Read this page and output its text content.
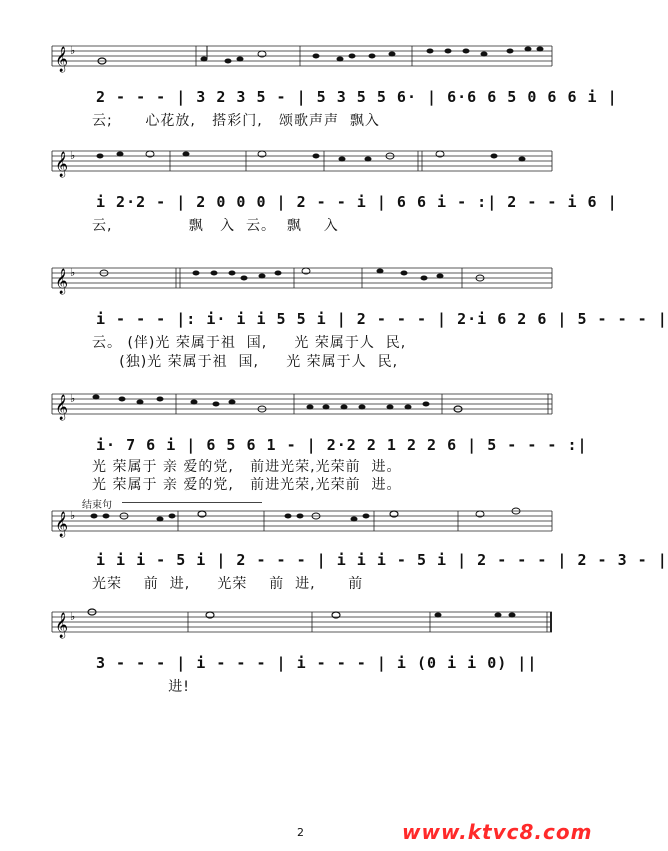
𝄞 ♭
2 - - - | 3 2 3 5 - | 5 3 5 5 6· | 6·6 6 5 0 6 6 i |
云;      心花放,   搭彩门,   颂歌声声  飘入
𝄞 ♭
i 2·2 - | 2 0 0 0 | 2 - - i | 6 6 i - :| 2 - - i 6 |
云,              飘   入  云。  飘    入
𝄞 ♭
i - - - |: i· i i 5 5 i | 2 - - - | 2·i 6 2 6 | 5 - - - |
云。 (伴)光 荣属于祖  国,     光 荣属于人  民,
(独)光 荣属于祖  国,     光 荣属于人  民,
𝄞 ♭
i· 7 6 i | 6 5 6 1 - | 2·2 2 1 2 2 6 | 5 - - - :|
光 荣属于 亲 爱的党,   前进光荣,光荣前  进。
光 荣属于 亲 爱的党,   前进光荣,光荣前  进。
结束句
𝄞 ♭
i i i - 5 i | 2 - - - | i i i - 5 i | 2 - - - | 2 - 3 - |
光荣    前  进,     光荣    前  进,      前
𝄞 ♭
3 - - - | i - - - | i - - - | i (0 i i 0) ||
进!
2	www.ktvc8.com
